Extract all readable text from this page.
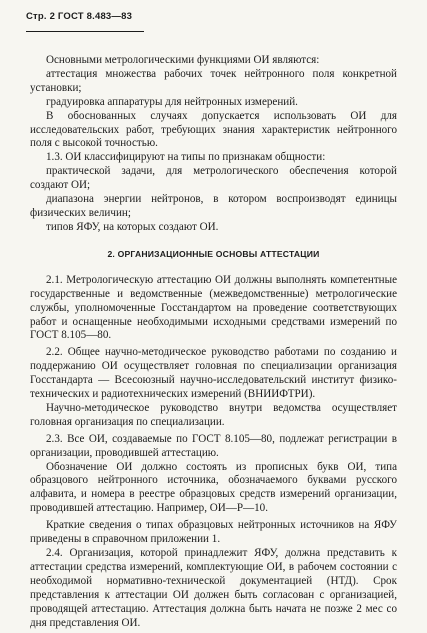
Стр. 2 ГОСТ 8.483—83

Основными метрологическими функциями ОИ являются:

аттестация множества рабочих точек нейтронного поля конкретной установки;

градуировка аппаратуры для нейтронных измерений.

В обоснованных случаях допускается использовать ОИ для исследовательских работ, требующих знания характеристик нейтронного поля с высокой точностью.

1.3. ОИ классифицируют на типы по признакам общности:

практической задачи, для метрологического обеспечения которой создают ОИ;

диапазона энергии нейтронов, в котором воспроизводят единицы физических величин;

типов ЯФУ, на которых создают ОИ.

2. ОРГАНИЗАЦИОННЫЕ ОСНОВЫ АТТЕСТАЦИИ

2.1. Метрологическую аттестацию ОИ должны выполнять компетентные государственные и ведомственные (межведомственные) метрологические службы, уполномоченные Госстандартом на проведение соответствующих работ и оснащенные необходимыми исходными средствами измерений по ГОСТ 8.105—80.

2.2. Общее научно-методическое руководство работами по созданию и поддержанию ОИ осуществляет головная по специализации организация Госстандарта — Всесоюзный научно-исследовательский институт физико-технических и радиотехнических измерений (ВНИИФТРИ).

Научно-методическое руководство внутри ведомства осуществляет головная организация по специализации.

2.3. Все ОИ, создаваемые по ГОСТ 8.105—80, подлежат регистрации в организации, проводившей аттестацию.

Обозначение ОИ должно состоять из прописных букв ОИ, типа образцового нейтронного источника, обозначаемого буквами русского алфавита, и номера в реестре образцовых средств измерений организации, проводившей аттестацию. Например, ОИ—Р—10.

Краткие сведения о типах образцовых нейтронных источников на ЯФУ приведены в справочном приложении 1.

2.4. Организация, которой принадлежит ЯФУ, должна представить к аттестации средства измерений, комплектующие ОИ, в рабочем состоянии с необходимой нормативно-технической документацией (НТД). Срок представления к аттестации ОИ должен быть согласован с организацией, проводящей аттестацию. Аттестация должна быть начата не позже 2 мес со дня представления ОИ.
